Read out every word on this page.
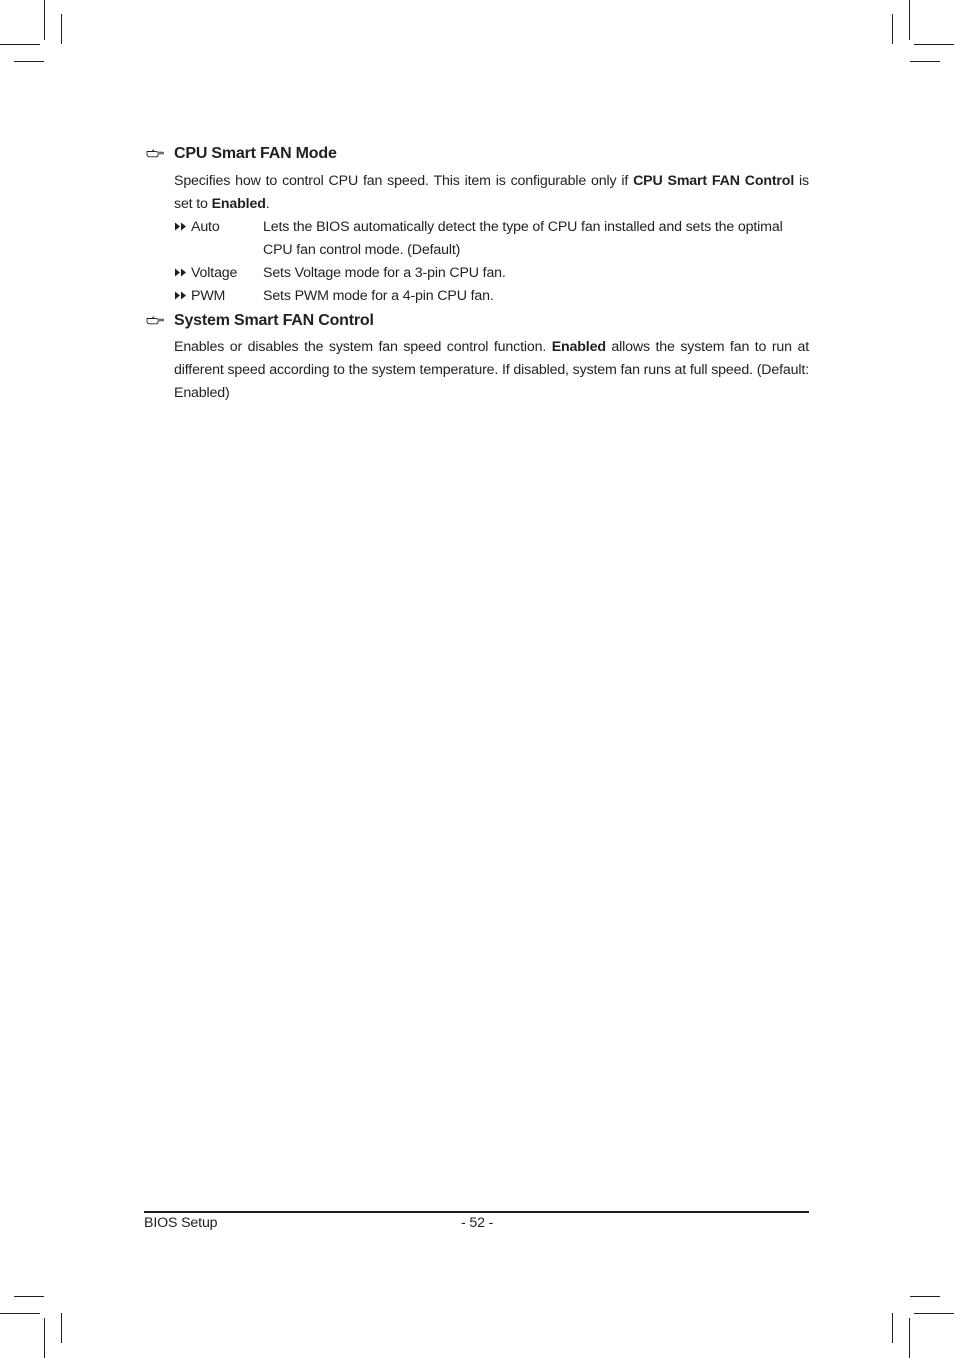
CPU Smart FAN Mode
Specifies how to control CPU fan speed. This item is configurable only if CPU Smart FAN Control is set to Enabled.
Auto	Lets the BIOS automatically detect the type of CPU fan installed and sets the optimal CPU fan control mode. (Default)
Voltage Sets Voltage mode for a 3-pin CPU fan.
PWM	Sets PWM mode for a 4-pin CPU fan.
System Smart FAN Control
Enables or disables the system fan speed control function. Enabled allows the system fan to run at different speed according to the system temperature. If disabled, system fan runs at full speed. (Default: Enabled)
BIOS Setup	- 52 -
